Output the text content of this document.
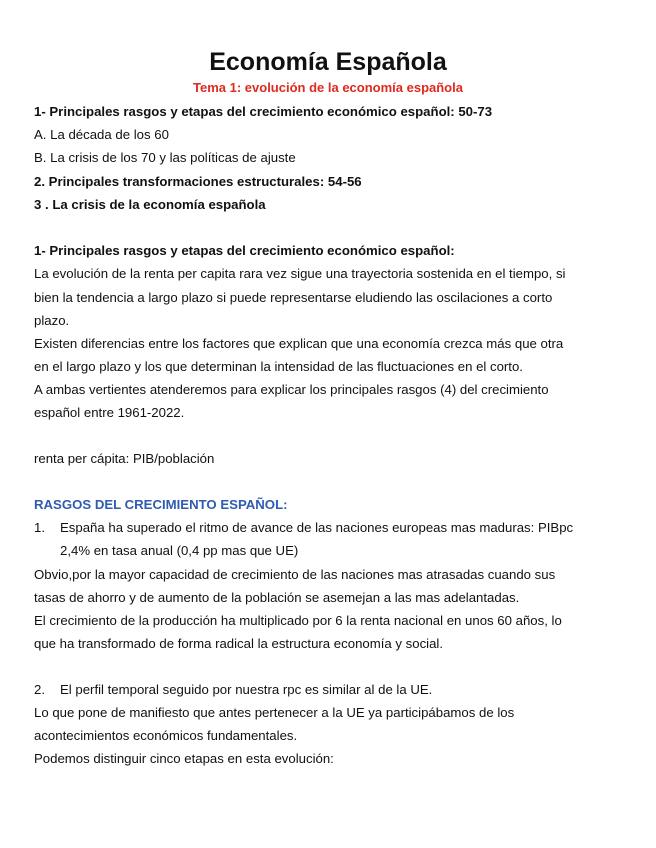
Economía Española
Tema 1: evolución de la economía española
1- Principales rasgos y etapas del crecimiento económico español: 50-73
A. La década de los 60
B. La crisis de los 70 y las políticas de ajuste
2. Principales transformaciones estructurales: 54-56
3 . La crisis de la economía española
1- Principales rasgos y etapas del crecimiento económico español:
La evolución de la renta per capita rara vez sigue una trayectoria sostenida en el tiempo, si
bien la tendencia a largo plazo si puede representarse eludiendo las oscilaciones a corto
plazo.
Existen diferencias entre los factores que explican que una economía crezca más que otra
en el largo plazo y los que determinan la intensidad de las fluctuaciones en el corto.
A ambas vertientes atenderemos para explicar los principales rasgos (4) del crecimiento
español entre 1961-2022.
renta per cápita: PIB/población
RASGOS DEL CRECIMIENTO ESPAÑOL:
1. España ha superado el ritmo de avance de las naciones europeas mas maduras: PIBpc
2,4% en tasa anual (0,4 pp mas que UE)
Obvio,por la mayor capacidad de crecimiento de las naciones mas atrasadas cuando sus
tasas de ahorro y de aumento de la población se asemejan a las mas adelantadas.
El crecimiento de la producción ha multiplicado por 6 la renta nacional en unos 60 años, lo
que ha transformado de forma radical la estructura economía y social.
2. El perfil temporal seguido por nuestra rpc es similar al de la UE.
Lo que pone de manifiesto que antes pertenecer a la UE ya participábamos de los
acontecimientos económicos fundamentales.
Podemos distinguir cinco etapas en esta evolución:
